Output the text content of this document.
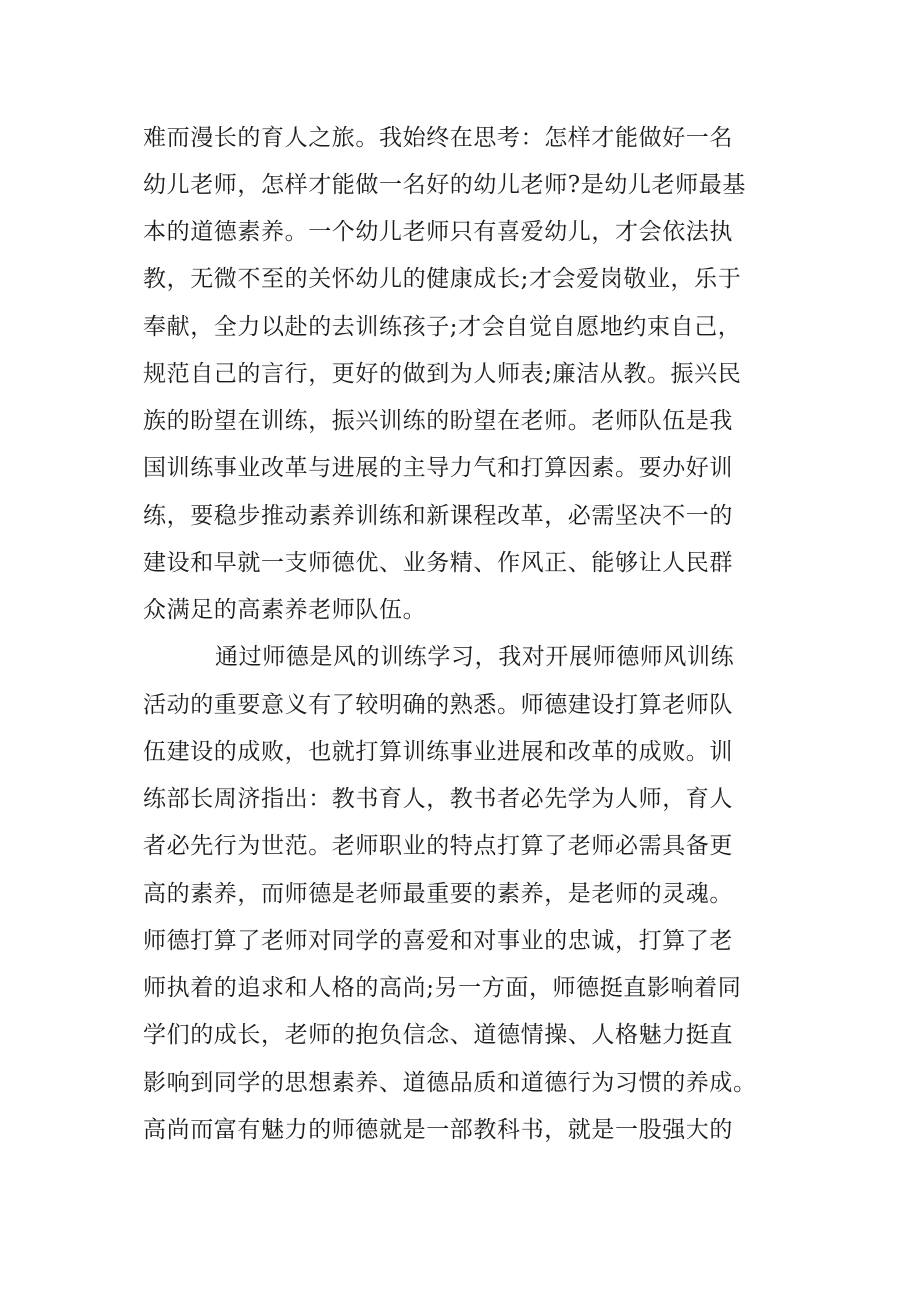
难而漫长的育人之旅。我始终在思考：怎样才能做好一名
幼儿老师，怎样才能做一名好的幼儿老师?是幼儿老师最基
本的道德素养。一个幼儿老师只有喜爱幼儿，才会依法执
教，无微不至的关怀幼儿的健康成长;才会爱岗敬业，乐于
奉献，全力以赴的去训练孩子;才会自觉自愿地约束自己，
规范自己的言行，更好的做到为人师表;廉洁从教。振兴民
族的盼望在训练，振兴训练的盼望在老师。老师队伍是我
国训练事业改革与进展的主导力气和打算因素。要办好训
练，要稳步推动素养训练和新课程改革，必需坚决不一的
建设和早就一支师德优、业务精、作风正、能够让人民群
众满足的高素养老师队伍。
通过师德是风的训练学习，我对开展师德师风训练
活动的重要意义有了较明确的熟悉。师德建设打算老师队
伍建设的成败，也就打算训练事业进展和改革的成败。训
练部长周济指出：教书育人，教书者必先学为人师，育人
者必先行为世范。老师职业的特点打算了老师必需具备更
高的素养，而师德是老师最重要的素养，是老师的灵魂。
师德打算了老师对同学的喜爱和对事业的忠诚，打算了老
师执着的追求和人格的高尚;另一方面，师德挺直影响着同
学们的成长，老师的抱负信念、道德情操、人格魅力挺直
影响到同学的思想素养、道德品质和道德行为习惯的养成。
高尚而富有魅力的师德就是一部教科书，就是一股强大的
